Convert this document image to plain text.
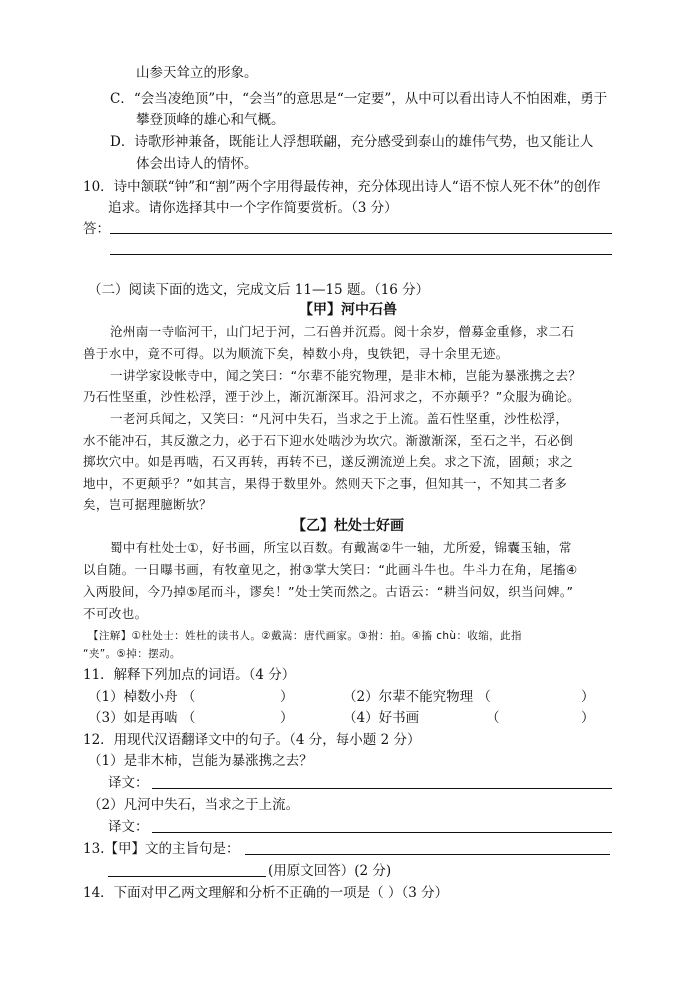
山参天耸立的形象。
C．“会当凌绝顶”中，“会当”的意思是“一定要”，从中可以看出诗人不怕困难，勇于
攀登顶峰的雄心和气概。
D．诗歌形神兼备，既能让人浮想联翩，充分感受到泰山的雄伟气势，也又能让人
体会出诗人的情怀。
10．诗中颔联“钟”和“割”两个字用得最传神，充分体现出诗人“语不惊人死不休”的创作
追求。请你选择其中一个字作简要赏析。（3 分）
答：
（二）阅读下面的选文，完成文后 11—15 题。（16 分）
【甲】河中石兽
沧州南一寺临河干，山门圮于河，二石兽并沉焉。阅十余岁，僧募金重修，求二石
兽于水中，竟不可得。以为顺流下矣，棹数小舟，曳铁钯，寻十余里无迹。
一讲学家设帐寺中，闻之笑曰：“尔辈不能究物理，是非木柿，岂能为暴涨携之去？
乃石性坚重，沙性松浮，湮于沙上，渐沉渐深耳。沿河求之，不亦颠乎？”众服为确论。
一老河兵闻之，又笑曰：“凡河中失石，当求之于上流。盖石性坚重，沙性松浮，
水不能冲石，其反激之力，必于石下迎水处啮沙为坎穴。渐激渐深，至石之半，石必倒
掷坎穴中。如是再啮，石又再转，再转不已，遂反溯流逆上矣。求之下流，固颠；求之
地中，不更颠乎？”如其言，果得于数里外。然则天下之事，但知其一，不知其二者多
矣，岂可据理臆断欤？
【乙】杜处士好画
蜀中有杜处士①，好书画，所宝以百数。有戴嵩②牛一轴，尤所爱，锦囊玉轴，常
以自随。一日曝书画，有牧童见之，拊③掌大笑曰：“此画斗牛也。牛斗力在角，尾搐④
入两股间，今乃掉⑤尾而斗，谬矣！”处士笑而然之。古语云：“耕当问奴，织当问婢。”
不可改也。
【注解】①杜处士：姓杜的读书人。②戴嵩：唐代画家。③拊：拍。④搐 chù：收缩，此指
“夹”。⑤掉：摆动。
11．解释下列加点的词语。（4 分）
（1）棹数小舟 （	）	（2）尔辈不能究物理 （	）
（3）如是再啮 （	）	（4）好书画	（	）
12．用现代汉语翻译文中的句子。（4 分，每小题 2 分）
（1）是非木柿，岂能为暴涨携之去？
译文：
（2）凡河中失石，当求之于上流。
译文：
13.【甲】文的主旨句是：
(用原文回答）(2 分)
14．下面对甲乙两文理解和分析不正确的一项是（ ）（3 分）
